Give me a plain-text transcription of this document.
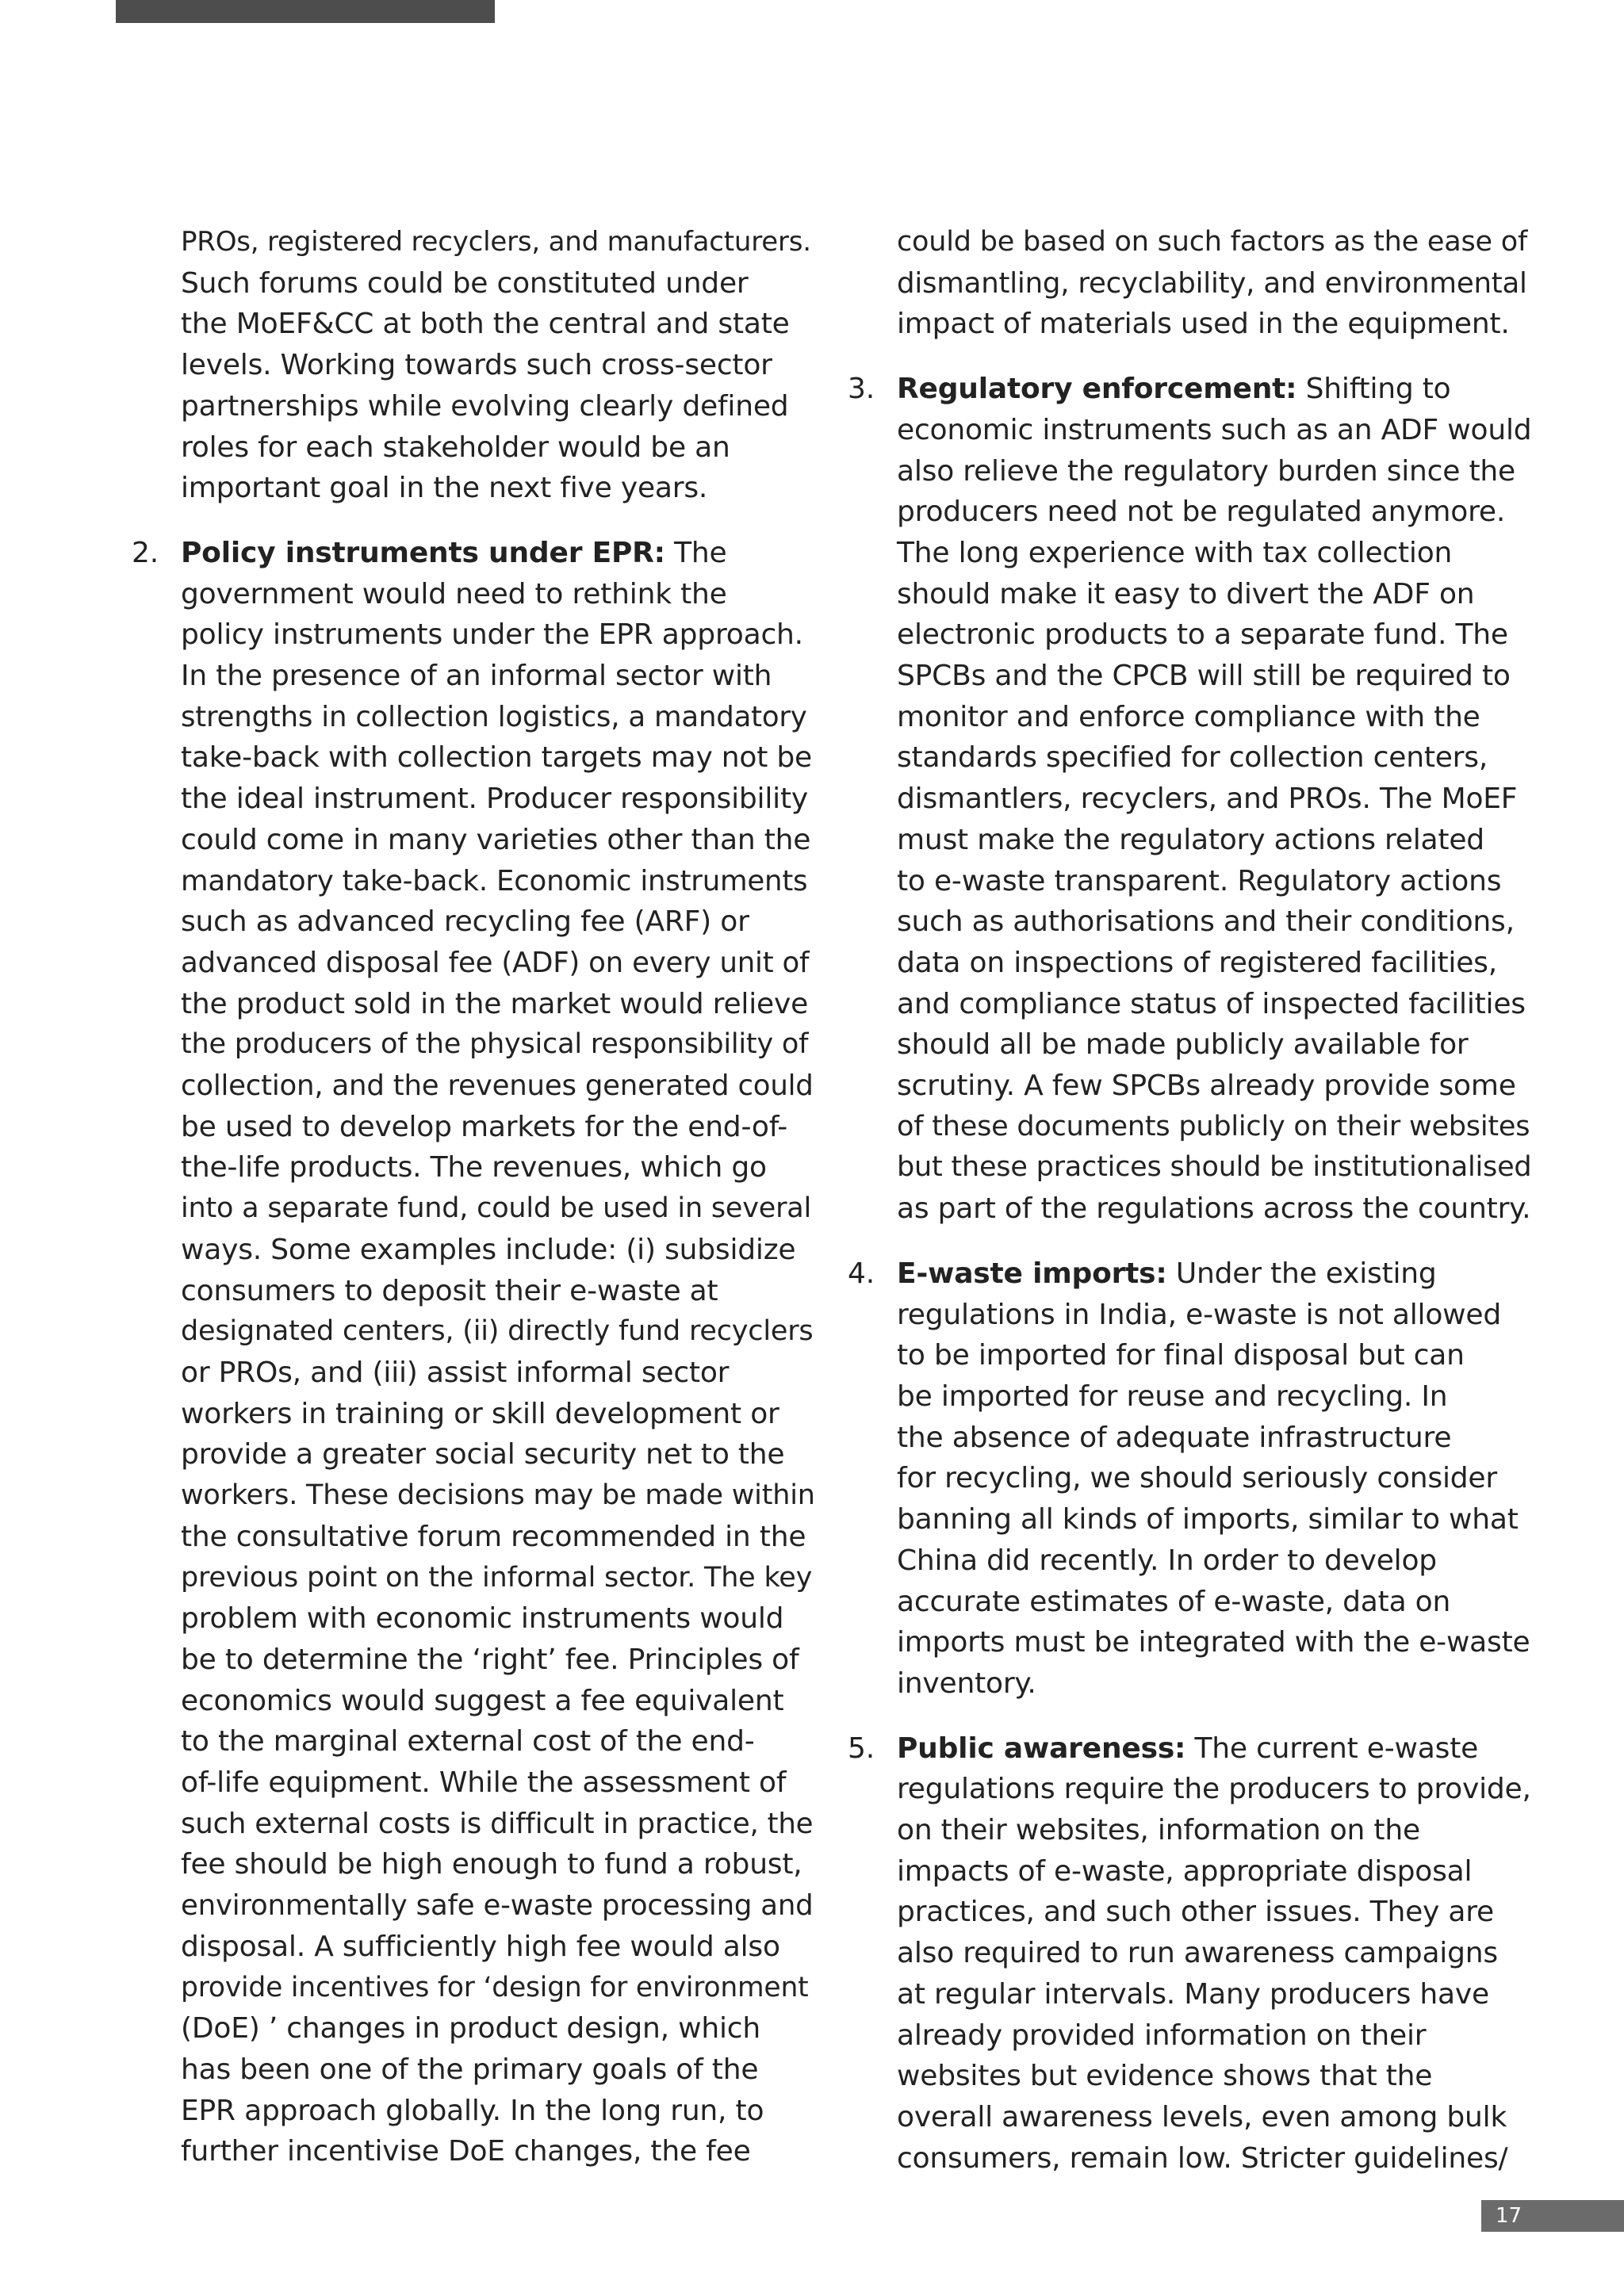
PROs, registered recyclers, and manufacturers.
Such forums could be constituted under
the MoEF&CC at both the central and state
levels. Working towards such cross-sector
partnerships while evolving clearly defined
roles for each stakeholder would be an
important goal in the next five years.
2. Policy instruments under EPR: The
government would need to rethink the
policy instruments under the EPR approach.
In the presence of an informal sector with
strengths in collection logistics, a mandatory
take-back with collection targets may not be
the ideal instrument. Producer responsibility
could come in many varieties other than the
mandatory take-back. Economic instruments
such as advanced recycling fee (ARF) or
advanced disposal fee (ADF) on every unit of
the product sold in the market would relieve
the producers of the physical responsibility of
collection, and the revenues generated could
be used to develop markets for the end-of-
the-life products. The revenues, which go
into a separate fund, could be used in several
ways. Some examples include: (i) subsidize
consumers to deposit their e-waste at
designated centers, (ii) directly fund recyclers
or PROs, and (iii) assist informal sector
workers in training or skill development or
provide a greater social security net to the
workers. These decisions may be made within
the consultative forum recommended in the
previous point on the informal sector. The key
problem with economic instruments would
be to determine the ‘right’ fee. Principles of
economics would suggest a fee equivalent
to the marginal external cost of the end-
of-life equipment. While the assessment of
such external costs is difficult in practice, the
fee should be high enough to fund a robust,
environmentally safe e-waste processing and
disposal. A sufficiently high fee would also
provide incentives for ‘design for environment
(DoE) ’ changes in product design, which
has been one of the primary goals of the
EPR approach globally. In the long run, to
further incentivise DoE changes, the fee
could be based on such factors as the ease of
dismantling, recyclability, and environmental
impact of materials used in the equipment.
3. Regulatory enforcement: Shifting to
economic instruments such as an ADF would
also relieve the regulatory burden since the
producers need not be regulated anymore.
The long experience with tax collection
should make it easy to divert the ADF on
electronic products to a separate fund. The
SPCBs and the CPCB will still be required to
monitor and enforce compliance with the
standards specified for collection centers,
dismantlers, recyclers, and PROs. The MoEF
must make the regulatory actions related
to e-waste transparent. Regulatory actions
such as authorisations and their conditions,
data on inspections of registered facilities,
and compliance status of inspected facilities
should all be made publicly available for
scrutiny. A few SPCBs already provide some
of these documents publicly on their websites
but these practices should be institutionalised
as part of the regulations across the country.
4. E-waste imports: Under the existing
regulations in India, e-waste is not allowed
to be imported for final disposal but can
be imported for reuse and recycling. In
the absence of adequate infrastructure
for recycling, we should seriously consider
banning all kinds of imports, similar to what
China did recently. In order to develop
accurate estimates of e-waste, data on
imports must be integrated with the e-waste
inventory.
5. Public awareness: The current e-waste
regulations require the producers to provide,
on their websites, information on the
impacts of e-waste, appropriate disposal
practices, and such other issues. They are
also required to run awareness campaigns
at regular intervals. Many producers have
already provided information on their
websites but evidence shows that the
overall awareness levels, even among bulk
consumers, remain low. Stricter guidelines/
17
